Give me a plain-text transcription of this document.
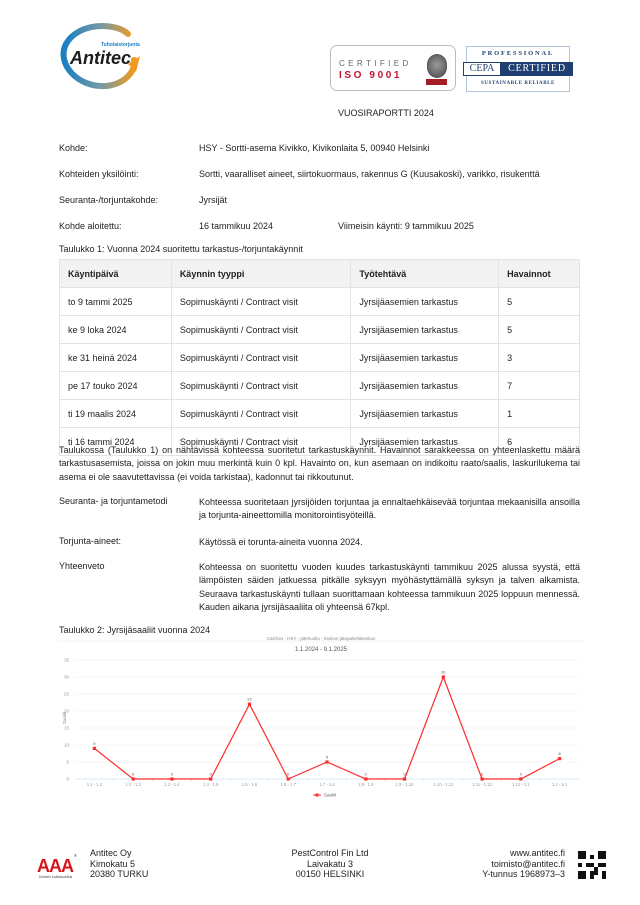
Tuholaistorjunta
Antitec	CERTIFIED
ISO 9001
PROFESSIONAL
CEPA	CERTIFIED
SUSTAINABLE RELIABLE
VUOSIRAPORTTI 2024
Kohde:	HSY - Sortti-asema Kivikko, Kivikonlaita 5, 00940 Helsinki
Kohteiden yksilöinti:	Sortti, vaaralliset aineet, siirtokuormaus, rakennus G (Kuusakoski), varikko, risukenttä
Seuranta-/torjuntakohde:	Jyrsijät
Kohde aloitettu:	16 tammikuu 2024	Viimeisin käynti: 9 tammikuu 2025
Taulukko 1: Vuonna 2024 suoritettu tarkastus-/torjuntakäynnit
Käyntipäivä	Käynnin tyyppi	Työtehtävä	Havainnot
to 9 tammi 2025	Sopimuskäynti / Contract visit	Jyrsijäasemien tarkastus	5
ke 9 loka 2024	Sopimuskäynti / Contract visit	Jyrsijäasemien tarkastus	5
ke 31 heinä 2024	Sopimuskäynti / Contract visit	Jyrsijäasemien tarkastus	3
pe 17 touko 2024	Sopimuskäynti / Contract visit	Jyrsijäasemien tarkastus	7
ti 19 maalis 2024	Sopimuskäynti / Contract visit	Jyrsijäasemien tarkastus	1
ti 16 tammi 2024	Sopimuskäynti / Contract visit	Jyrsijäasemien tarkastus	6
Taulukossa (Taulukko 1) on nähtävissä kohteessa suoritetut tarkastuskäynnit. Havainnot sarakkeessa on yhteenlaskettu määrä tarkastusasemista, joissa on jokin muu merkintä kuin 0 kpl. Havainto on, kun asemaan on indikoitu raato/saalis, laskurilukema tai asema ei ole saavutettavissa (ei voida tarkistaa), kadonnut tai rikkoutunut.
Seuranta- ja torjuntametodi	Kohteessa suoritetaan jyrsijöiden torjuntaa ja ennaltaehkäisevää torjuntaa mekaanisilla ansoilla ja torjunta-aineettomilla monitorointisyöteillä.
Torjunta-aineet:	Käytössä ei torunta-aineita vuonna 2024.
Yhteenveto	Kohteessa on suoritettu vuoden kuudes tarkastuskäynti tammikuu 2025 alussa syystä, että lämpöisten säiden jatkuessa pitkälle syksyyn myöhästyttämällä syksyn ja talven alkamista. Seuraava tarkastuskäynti tullaan suorittamaan kohteessa tammikuun 2025 loppuun mennessä. Kauden aikana jyrsijäsaaliita oli yhteensä 67kpl.
Taulukko 2: Jyrsijäsaaliit vuonna 2024
Catches - HSY - jätehuolto - Kivikon jätepalvelukeskus
1.1.2024 - 9.1.2025
Saaliit
0
5
10
15
20
25
30
35
1.1 - 1.2	1.2 - 1.3	1.3 - 1.4	1.4 - 1.5	1.5 - 1.6	1.6 - 1.7	1.7 - 1.8	1.8 - 1.9	1.9 - 1.10	1.10 - 1.11	1.11 - 1.12	1.12 - 1.1	1.1 - 9.1
9
0	0	0
22
0
5
0	0
30
0	0
6
Saaliit
AAA
®
Korkein luottoluokitus
Antitec Oy
Kimokatu 5
20380 TURKU
PestControl Fin Ltd
Laivakatu 3
00150 HELSINKI
www.antitec.fi
toimisto@antitec.fi
Y-tunnus 1968973–3
